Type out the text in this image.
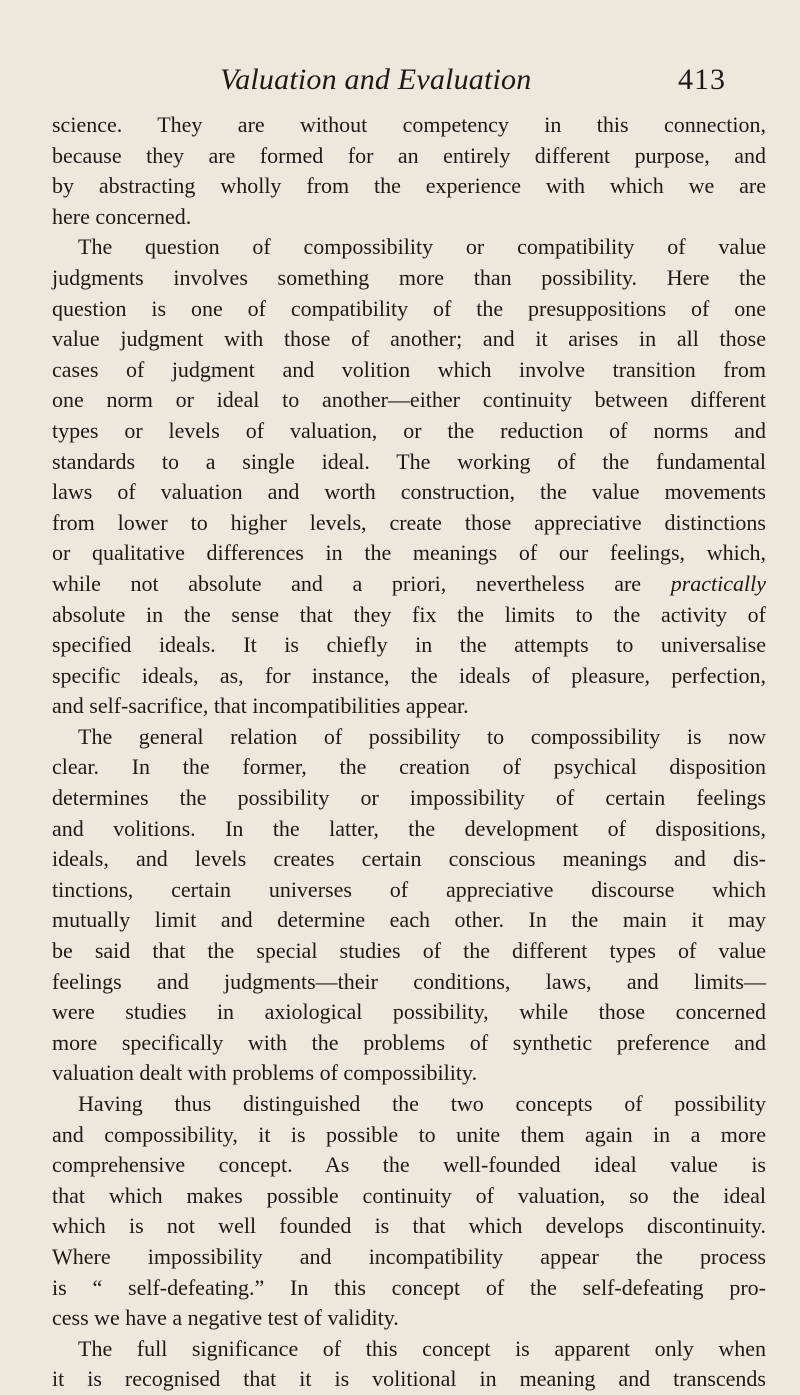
Valuation and Evaluation	413

science. They are without competency in this connection,
because they are formed for an entirely different purpose, and
by abstracting wholly from the experience with which we are
here concerned.

The question of compossibility or compatibility of value
judgments involves something more than possibility. Here the
question is one of compatibility of the presuppositions of one
value judgment with those of another; and it arises in all those
cases of judgment and volition which involve transition from
one norm or ideal to another—either continuity between different
types or levels of valuation, or the reduction of norms and
standards to a single ideal. The working of the fundamental
laws of valuation and worth construction, the value movements
from lower to higher levels, create those appreciative distinctions
or qualitative differences in the meanings of our feelings, which,
while not absolute and a priori, nevertheless are practically
absolute in the sense that they fix the limits to the activity of
specified ideals. It is chiefly in the attempts to universalise
specific ideals, as, for instance, the ideals of pleasure, perfection,
and self-sacrifice, that incompatibilities appear.

The general relation of possibility to compossibility is now
clear. In the former, the creation of psychical disposition
determines the possibility or impossibility of certain feelings
and volitions. In the latter, the development of dispositions,
ideals, and levels creates certain conscious meanings and dis-
tinctions, certain universes of appreciative discourse which
mutually limit and determine each other. In the main it may
be said that the special studies of the different types of value
feelings and judgments—their conditions, laws, and limits—
were studies in axiological possibility, while those concerned
more specifically with the problems of synthetic preference and
valuation dealt with problems of compossibility.

Having thus distinguished the two concepts of possibility
and compossibility, it is possible to unite them again in a more
comprehensive concept. As the well-founded ideal value is
that which makes possible continuity of valuation, so the ideal
which is not well founded is that which develops discontinuity.
Where impossibility and incompatibility appear the process
is “ self-defeating.” In this concept of the self-defeating pro-
cess we have a negative test of validity.

The full significance of this concept is apparent only when
it is recognised that it is volitional in meaning and transcends
